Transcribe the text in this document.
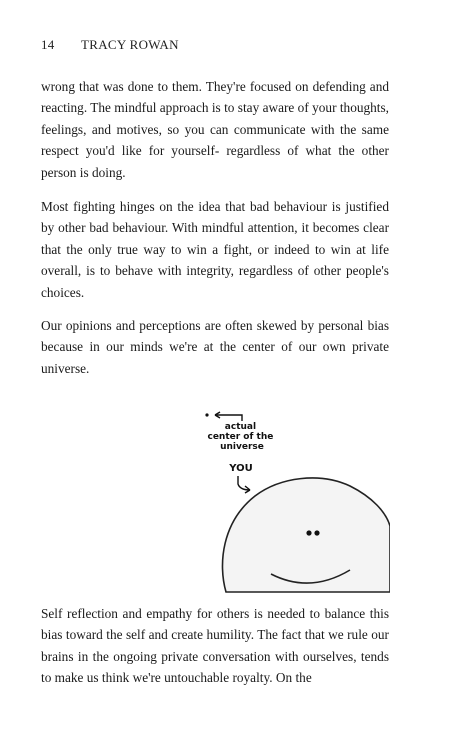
14 TRACY ROWAN

wrong that was done to them. They're focused on defending and reacting. The mindful approach is to stay aware of your thoughts, feelings, and motives, so you can communicate with the same respect you'd like for yourself- regardless of what the other person is doing.

Most fighting hinges on the idea that bad behaviour is justified by other bad behaviour. With mindful attention, it becomes clear that the only true way to win a fight, or indeed to win at life overall, is to behave with integrity, regardless of other people's choices.

Our opinions and perceptions are often skewed by personal bias because in our minds we're at the center of our own private universe.

actual center of the universe
YOU

Self reflection and empathy for others is needed to balance this bias toward the self and create humility. The fact that we rule our brains in the ongoing private conversation with ourselves, tends to make us think we're untouchable royalty. On the
